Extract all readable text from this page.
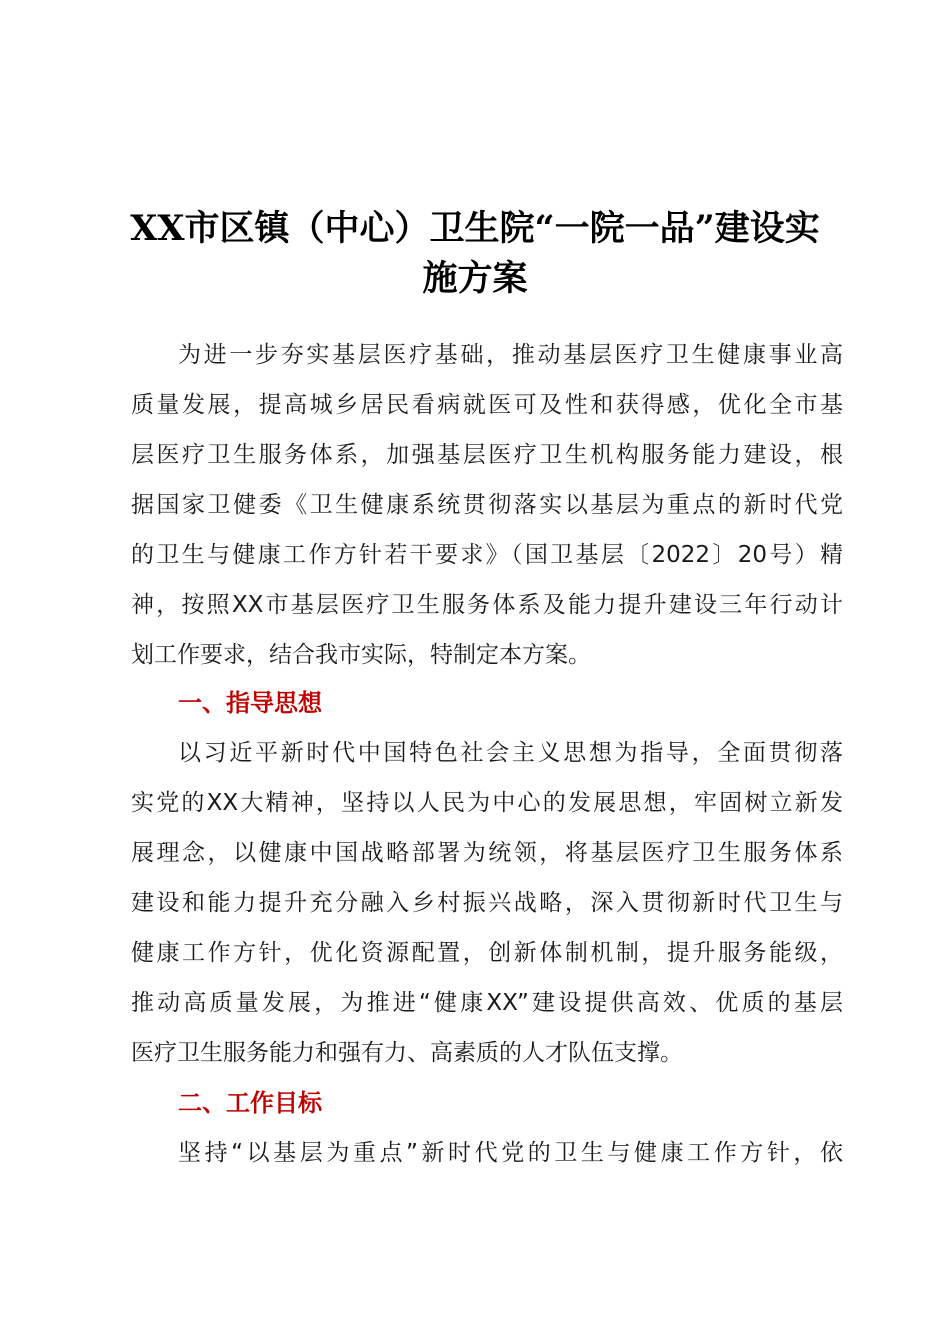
XX市区镇（中心）卫生院“一院一品”建设实
施方案
为进一步夯实基层医疗基础，推动基层医疗卫生健康事业高
质量发展，提高城乡居民看病就医可及性和获得感，优化全市基
层医疗卫生服务体系，加强基层医疗卫生机构服务能力建设，根
据国家卫健委《卫生健康系统贯彻落实以基层为重点的新时代党
的卫生与健康工作方针若干要求》（国卫基层〔2022〕20号）精
神，按照XX市基层医疗卫生服务体系及能力提升建设三年行动计
划工作要求，结合我市实际，特制定本方案。
一、指导思想
以习近平新时代中国特色社会主义思想为指导，全面贯彻落
实党的XX大精神，坚持以人民为中心的发展思想，牢固树立新发
展理念，以健康中国战略部署为统领，将基层医疗卫生服务体系
建设和能力提升充分融入乡村振兴战略，深入贯彻新时代卫生与
健康工作方针，优化资源配置，创新体制机制，提升服务能级，
推动高质量发展，为推进“健康XX”建设提供高效、优质的基层
医疗卫生服务能力和强有力、高素质的人才队伍支撑。
二、工作目标
坚持“以基层为重点”新时代党的卫生与健康工作方针，依
